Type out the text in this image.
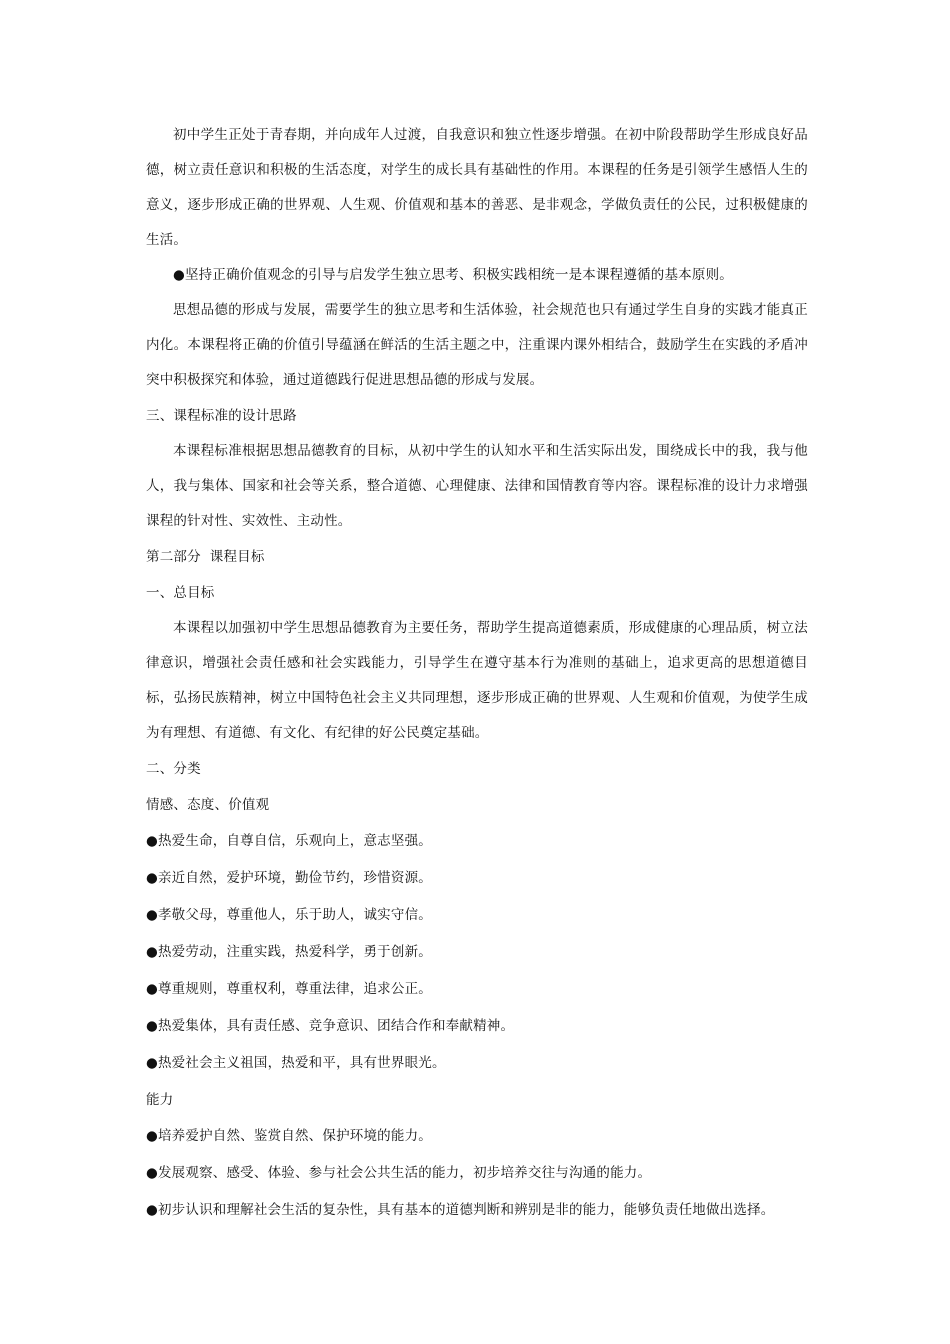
初中学生正处于青春期，并向成年人过渡，自我意识和独立性逐步增强。在初中阶段帮助学生形成良好品德，树立责任意识和积极的生活态度，对学生的成长具有基础性的作用。本课程的任务是引领学生感悟人生的意义，逐步形成正确的世界观、人生观、价值观和基本的善恶、是非观念，学做负责任的公民，过积极健康的生活。

●坚持正确价值观念的引导与启发学生独立思考、积极实践相统一是本课程遵循的基本原则。

思想品德的形成与发展，需要学生的独立思考和生活体验，社会规范也只有通过学生自身的实践才能真正内化。本课程将正确的价值引导蕴涵在鲜活的生活主题之中，注重课内课外相结合，鼓励学生在实践的矛盾冲突中积极探究和体验，通过道德践行促进思想品德的形成与发展。

三、课程标准的设计思路

本课程标准根据思想品德教育的目标，从初中学生的认知水平和生活实际出发，围绕成长中的我，我与他人，我与集体、国家和社会等关系，整合道德、心理健康、法律和国情教育等内容。课程标准的设计力求增强课程的针对性、实效性、主动性。

第二部分  课程目标

一、总目标

本课程以加强初中学生思想品德教育为主要任务，帮助学生提高道德素质，形成健康的心理品质，树立法律意识，增强社会责任感和社会实践能力，引导学生在遵守基本行为准则的基础上，追求更高的思想道德目标，弘扬民族精神，树立中国特色社会主义共同理想，逐步形成正确的世界观、人生观和价值观，为使学生成为有理想、有道德、有文化、有纪律的好公民奠定基础。

二、分类

情感、态度、价值观

●热爱生命，自尊自信，乐观向上，意志坚强。

●亲近自然，爱护环境，勤俭节约，珍惜资源。

●孝敬父母，尊重他人，乐于助人，诚实守信。

●热爱劳动，注重实践，热爱科学，勇于创新。

●尊重规则，尊重权利，尊重法律，追求公正。

●热爱集体，具有责任感、竞争意识、团结合作和奉献精神。

●热爱社会主义祖国，热爱和平，具有世界眼光。

能力

●培养爱护自然、鉴赏自然、保护环境的能力。

●发展观察、感受、体验、参与社会公共生活的能力，初步培养交往与沟通的能力。

●初步认识和理解社会生活的复杂性，具有基本的道德判断和辨别是非的能力，能够负责任地做出选择。
